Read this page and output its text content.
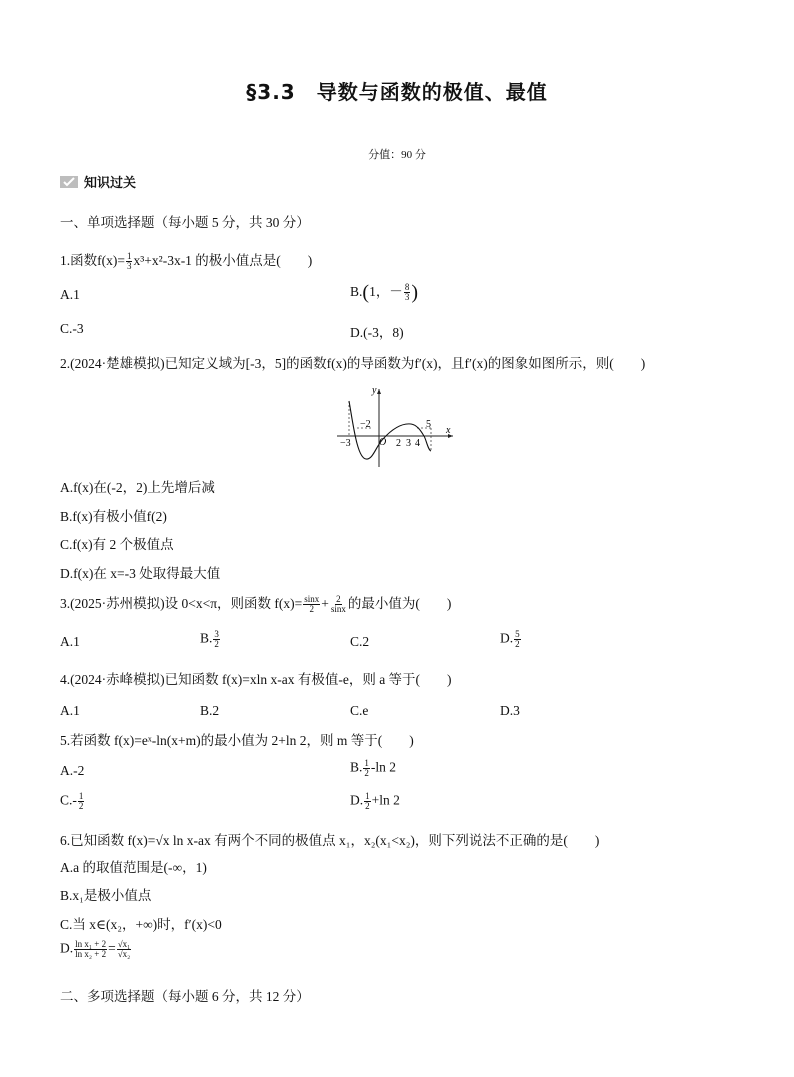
§3.3　导数与函数的极值、最值
分值：90 分
知识过关
一、单项选择题（每小题 5 分，共 30 分）
1.函数$f(x)= \frac{1}{3} x^3+x^2-3x-1$ 的极小值点是(　　)
A.1	B.(1，－ $\frac{8}{3}$ )
C.-3	D.(-3，8)
2.(2024·楚雄模拟)已知定义域为[-3，5]的函数f(x)的导函数为f′(x)，且f′(x)的图象如图所示，则(　　)
y
x
O
−3
−2
2 3 4
5
A.f(x)在(-2，2)上先增后减
B.f(x)有极小值f(2)
C.f(x)有 2 个极值点
D.f(x)在 x=-3 处取得最大值
3.(2025·苏州模拟)设 0<x<π，则函数 $f(x)= \frac{\sin x}{2} + \frac{2}{\sin x}$ 的最小值为(　　)
A.1	B. $\frac{3}{2}$	C.2	D. $\frac{5}{2}$
4.(2024·赤峰模拟)已知函数 f(x)=xln x-ax 有极值-e，则 a 等于(　　)
A.1	B.2	C.e	D.3
5.若函数 f(x)=eˣ-ln(x+m)的最小值为 2+ln 2，则 m 等于(　　)
A.-2	B. $\frac{1}{2} -\ln$ 2
$C.- \frac{1}{2}$	D. $\frac{1}{2} +\ln$ 2
6.已知函数 f(x)=√x ln x-ax 有两个不同的极值点 x₁，x₂(x₁<x₂)，则下列说法不正确的是(　　)
A.a 的取值范围是(-∞，1)
B.x₁是极小值点
C.当 x∈(x₂，+∞)时，f′(x)<0
D. $\frac{\text{ln x₁ + 2}}{\text{ln x₂ + 2}} = \frac{\text{√x₁}}{\text{√x₂}}$
二、多项选择题（每小题 6 分，共 12 分）
